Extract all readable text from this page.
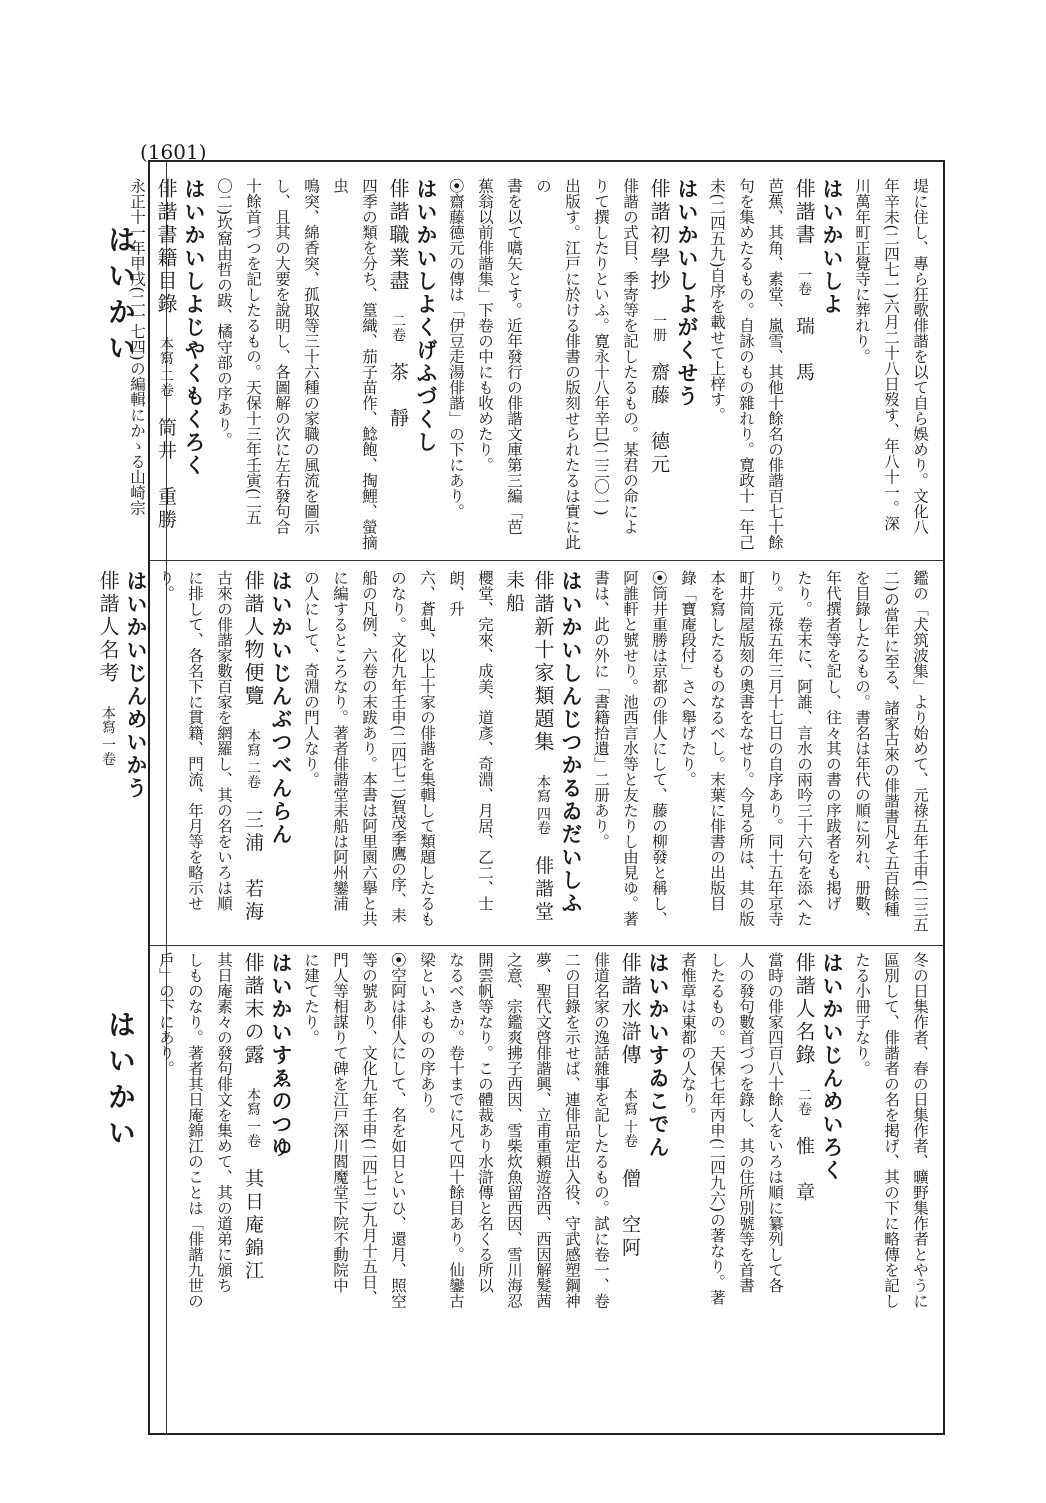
(1601)
はいかい
はいかい

堤に住し、專ら狂歌俳諧を以て自ら娛めり。文化八

年辛未(二四七一)六月二十八日歿す、年八十一。深

川萬年町正覺寺に葬れり。

はいかいしよ

俳諧書　 一卷　 瑞　馬

芭蕉、其角、素堂、嵐雪、其他十餘名の俳諧百七十餘

句を集めたるもの。自詠のもの雜れり。寛政十一年己

未(二四五九)自序を載せて上梓す。

はいかいしよがくせう

俳諧初學抄　 一册　 齋藤　德元

俳諧の式目、季寄等を記したるもの。某君の命によ

りて撰したりといふ。寛永十八年辛巳(二三〇一)

出版す。江戸に於ける俳書の版刻せられたるは實に此の

書を以て嚆矢とす。近年發行の俳諧文庫第三編「芭

蕉翁以前俳諧集」下卷の中にも收めたり。

⦿齋藤德元の傳は「伊豆走湯俳諧」の下にあり。

はいかいしよくげふづくし

俳諧職業盡　 二卷　 茶　靜

四季の類を分ち、篁織、茄子苗作、鯰飽、掏鯉、螢摘虫

鳴突、綿香突、孤取等三十六種の家職の風流を圖示

し、且其の大要を說明し、各圖解の次に左右發句合

十餘首づつを記したるもの。天保十三年壬寅(二五

〇二)坎窩由哲の跋、橘守部の序あり。

はいかいしよじやくもくろく

俳諧書籍目錄　 本寫 二卷　 筒井　重勝

永正十一年甲戌(二一七四)の編輯にかゝる山崎宗

鑑の「犬筑波集」より始めて、元祿五年壬申(二三五

二)の當年に至る、諸家古來の俳諧書凡そ五百餘種

を目錄したるもの。書名は年代の順に列れ、册數、

年代撰者等を記し、往々其の書の序跋者をも掲げ

たり。卷末に、阿誰、言水の兩吟三十六句を添へた

り。元祿五年三月十七日の自序あり。同十五年京寺

町井筒屋版刻の奧書をなせり。今見る所は、其の版

本を寫したるものなるべし。末葉に俳書の出版目

錄「寶庵段付」さへ舉げたり。

⦿筒井重勝は京都の俳人にして、藤の柳發と稱し、

阿誰軒と號せり。池西言水等と友たりし由見ゆ。著

書は、此の外に「書籍拾遺」二册あり。

はいかいしんじつかるゐだいしふ

俳諧新十家類題集　 本寫 四卷　 俳諧堂耒船

櫻堂、完來、成美、道彥、奇淵、月居、乙二、士朗、升

六、蒼虬、以上十家の俳諧を集輯して類題したるも

のなり。文化九年壬申(二四七二)賀茂季鷹の序、耒

船の凡例、六卷の末跋あり。本書は阿里園六擧と共

に編するところなり。著者俳諧堂耒船は阿州鑾浦

の人にして、奇淵の門人なり。

はいかいじんぶつべんらん

俳諧人物便覽　 本寫 二卷　 三浦　若海

古來の俳諧家數百家を網羅し、其の名をいろは順

に排して、各名下に貫籍、門流、年月等を略示せり。

はいかいじんめいかう

俳諧人名考　 本寫 一卷

冬の日集作者、春の日集作者、曠野集作者とやうに

區別して、俳諧者の名を掲げ、其の下に略傳を記し

たる小冊子なり。

はいかいじんめいろく

俳諧人名錄　 二卷　 惟　章

當時の俳家四百八十餘人をいろは順に纂列して各

人の發句數首づつを錄し、其の住所別號等を首書

したるもの。天保七年丙申(二四九六)の著なり。著

者惟章は東都の人なり。

はいかいすゐこでん

俳諧水滸傳　 本寫 十卷　 僧　空阿

俳道名家の逸話雜事を記したるもの。試に卷一、卷

二の目錄を示せば、連俳品定出入役、守武感塑鋼神

夢、聖代文啓俳諧興、立甫重頼遊洛西、西因解髮茜

之意、宗鑑爽拂子西因、雪柴炊魚留西因、雪川海忍

開雲帆等なり。この體裁あり水滸傳と名くる所以

なるべきか。卷十までに凡て四十餘目あり。仙鑾古

梁といふものの序あり。

⦿空阿は俳人にして、名を如日といひ、還月、照空

等の號あり、文化九年壬申(二四七二)九月十五日、

門人等相謀りて碑を江戸深川閻魔堂下院不動院中

に建てたり。

はいかいすゑのつゆ

俳諧末の露　 本寫 一卷　 其日庵錦江

其日庵素々の發句俳文を集めて、其の道弟に頒ち

しものなり。著者其日庵錦江のことは「俳諧九世の

戶」の下にあり。
